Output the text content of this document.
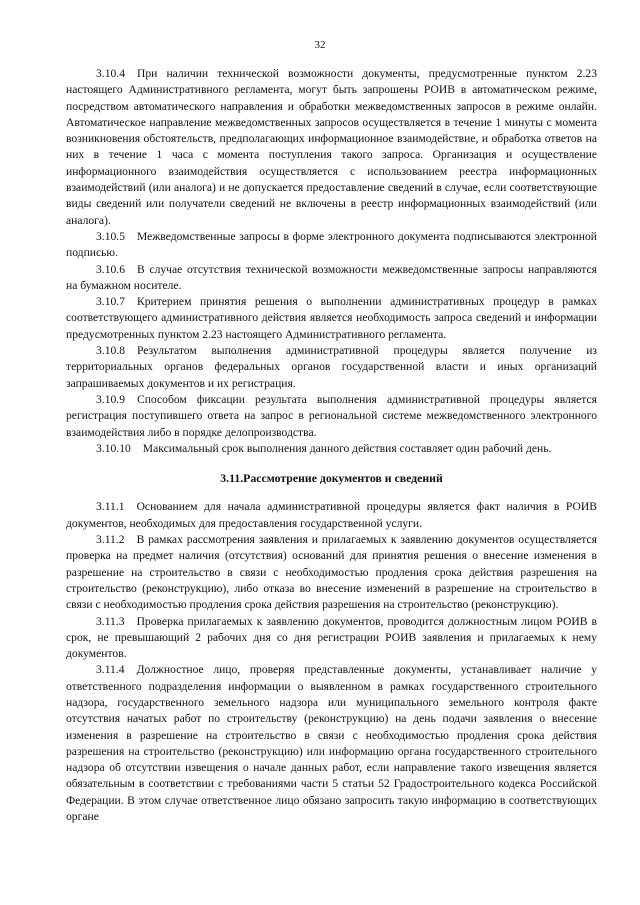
32

3.10.4 При наличии технической возможности документы, предусмотренные пунктом 2.23 настоящего Административного регламента, могут быть запрошены РОИВ в автоматическом режиме, посредством автоматического направления и обработки межведомственных запросов в режиме онлайн. Автоматическое направление межведомственных запросов осуществляется в течение 1 минуты с момента возникновения обстоятельств, предполагающих информационное взаимодействие, и обработка ответов на них в течение 1 часа с момента поступления такого запроса. Организация и осуществление информационного взаимодействия осуществляется с использованием реестра информационных взаимодействий (или аналога) и не допускается предоставление сведений в случае, если соответствующие виды сведений или получатели сведений не включены в реестр информационных взаимодействий (или аналога).

3.10.5 Межведомственные запросы в форме электронного документа подписываются электронной подписью.

3.10.6 В случае отсутствия технической возможности межведомственные запросы направляются на бумажном носителе.

3.10.7 Критерием принятия решения о выполнении административных процедур в рамках соответствующего административного действия является необходимость запроса сведений и информации предусмотренных пунктом 2.23 настоящего Административного регламента.

3.10.8 Результатом выполнения административной процедуры является получение из территориальных органов федеральных органов государственной власти и иных организаций запрашиваемых документов и их регистрация.

3.10.9 Способом фиксации результата выполнения административной процедуры является регистрация поступившего ответа на запрос в региональной системе межведомственного электронного взаимодействия либо в порядке делопроизводства.

3.10.10 Максимальный срок выполнения данного действия составляет один рабочий день.

3.11.Рассмотрение документов и сведений

3.11.1 Основанием для начала административной процедуры является факт наличия в РОИВ документов, необходимых для предоставления государственной услуги.

3.11.2 В рамках рассмотрения заявления и прилагаемых к заявлению документов осуществляется проверка на предмет наличия (отсутствия) оснований для принятия решения о внесение изменения в разрешение на строительство в связи с необходимостью продления срока действия разрешения на строительство (реконструкцию), либо отказа во внесение изменений в разрешение на строительство в связи с необходимостью продления срока действия разрешения на строительство (реконструкцию).

3.11.3 Проверка прилагаемых к заявлению документов, проводится должностным лицом РОИВ в срок, не превышающий 2 рабочих дня со дня регистрации РОИВ заявления и прилагаемых к нему документов.

3.11.4 Должностное лицо, проверяя представленные документы, устанавливает наличие у ответственного подразделения информации о выявленном в рамках государственного строительного надзора, государственного земельного надзора или муниципального земельного контроля факте отсутствия начатых работ по строительству (реконструкцию) на день подачи заявления о внесение изменения в разрешение на строительство в связи с необходимостью продления срока действия разрешения на строительство (реконструкцию) или информацию органа государственного строительного надзора об отсутствии извещения о начале данных работ, если направление такого извещения является обязательным в соответствии с требованиями части 5 статьи 52 Градостроительного кодекса Российской Федерации. В этом случае ответственное лицо обязано запросить такую информацию в соответствующих органе
